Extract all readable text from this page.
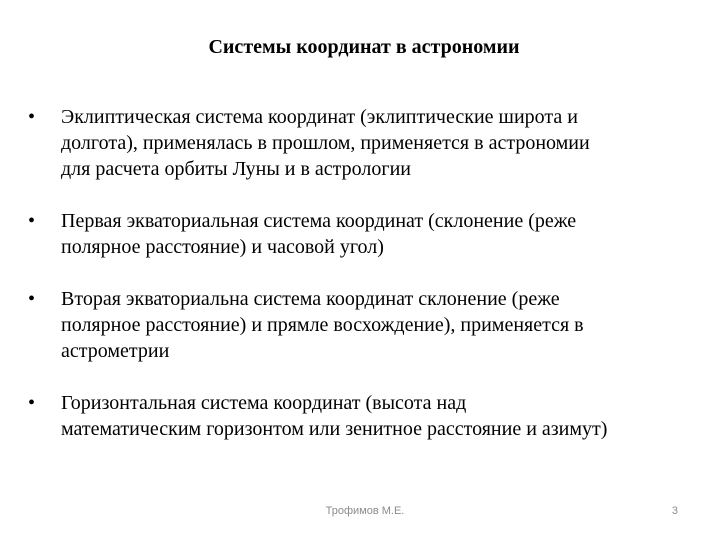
Системы координат в астрономии
•	Эклиптическая система координат (эклиптические широта и
долгота), применялась в прошлом, применяется в астрономии
для расчета орбиты Луны и в астрологии
•	Первая экваториальная система координат (склонение (реже
полярное расстояние) и часовой угол)
•	Вторая экваториальна система координат склонение (реже
полярное расстояние) и прямле восхождение), применяется в
астрометрии
•	Горизонтальная система координат (высота над
математическим горизонтом или зенитное расстояние и азимут)
Трофимов М.Е.	3
